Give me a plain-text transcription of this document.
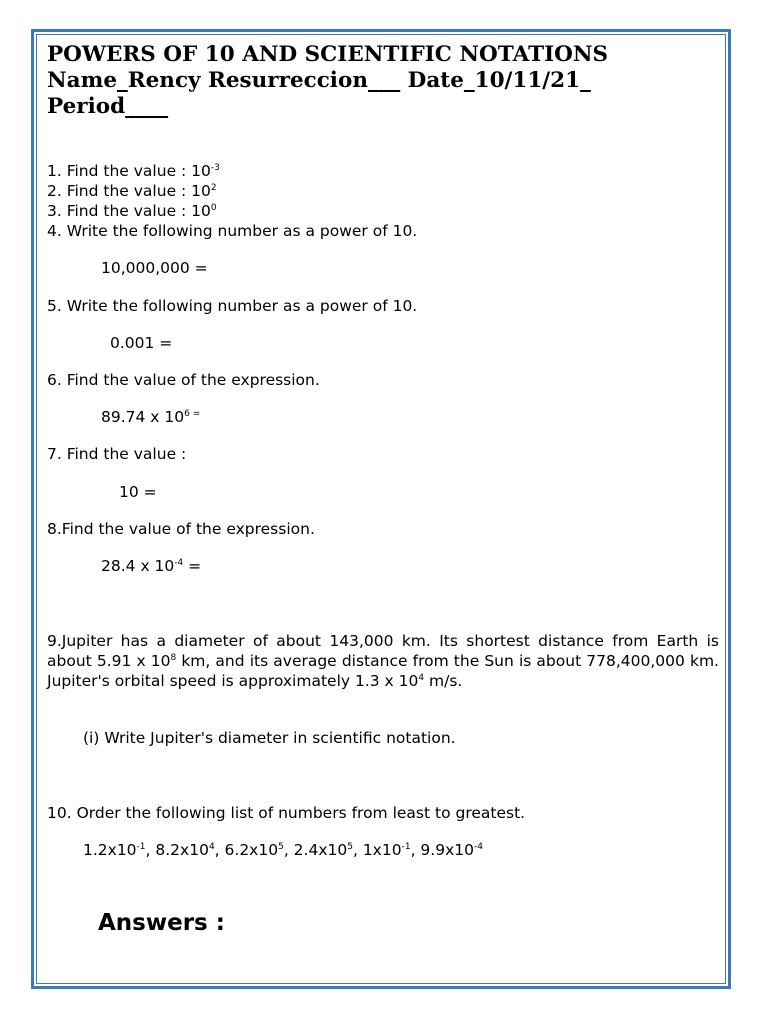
POWERS OF 10 AND SCIENTIFIC NOTATIONS
Name_Rency Resurreccion___ Date_10/11/21_
Period____

1. Find the value : $10^{-3}$

2. Find the value : $10^2$

3. Find the value : $10^0$

4. Write the following number as a power of 10.

10,000,000 =

5. Write the following number as a power of 10.

0.001 =

6. Find the value of the expression.

89.74 x $10^{6 =}$

7. Find the value :

10 =

8.Find the value of the expression.

28.4 x $10^{-4}$ =

9.Jupiter has a diameter of about 143,000 km. Its shortest distance from Earth is about 5.91 x $10^8$ km, and its average distance from the Sun is about 778,400,000 km. Jupiter's orbital speed is approximately 1.3 x $10^4$ m/s.

(i) Write Jupiter's diameter in scientific notation.

10. Order the following list of numbers from least to greatest.

$1.2x10^{-1}$, $8.2x10^4$, $6.2x10^5$, $2.4x10^5$, $1x10^{-1}$, $9.9x10^{-4}$

Answers :
